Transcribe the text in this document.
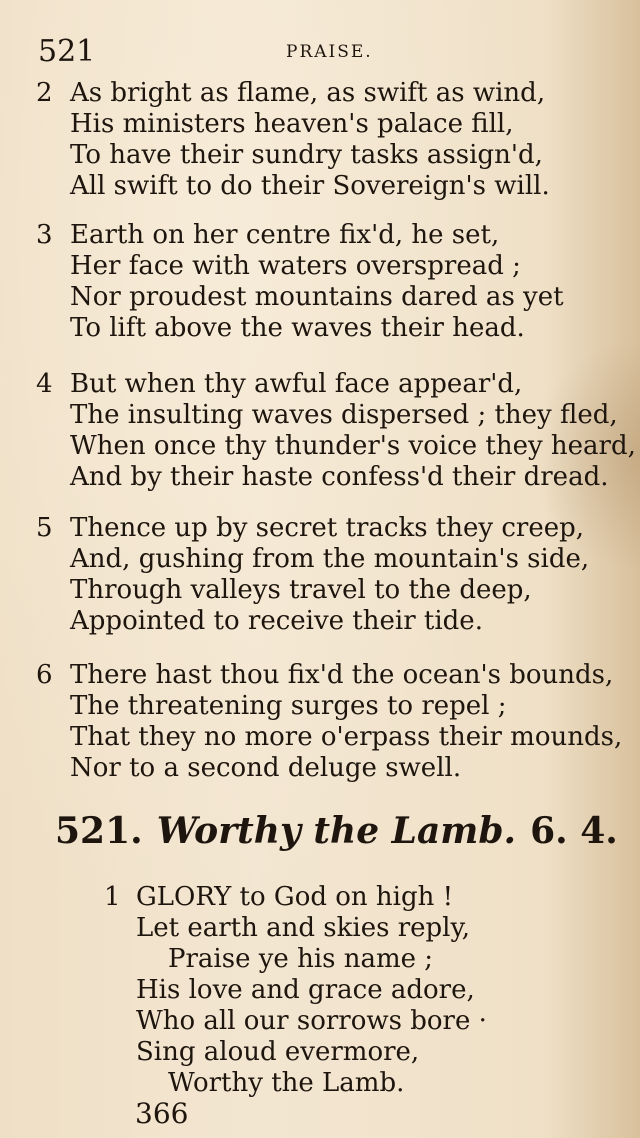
521	PRAISE.
2 As bright as flame, as swift as wind,
His ministers heaven's palace fill,
To have their sundry tasks assign'd,
All swift to do their Sovereign's will.
3 Earth on her centre fix'd, he set,
Her face with waters overspread ;
Nor proudest mountains dared as yet
To lift above the waves their head.
4 But when thy awful face appear'd,
The insulting waves dispersed ; they fled,
When once thy thunder's voice they heard,
And by their haste confess'd their dread.
5 Thence up by secret tracks they creep,
And, gushing from the mountain's side,
Through valleys travel to the deep,
Appointed to receive their tide.
6 There hast thou fix'd the ocean's bounds,
The threatening surges to repel ;
That they no more o'erpass their mounds,
Nor to a second deluge swell.
521. Worthy the Lamb. 6. 4.
1 GLORY to God on high !
Let earth and skies reply,
Praise ye his name ;
His love and grace adore,
Who all our sorrows bore ·
Sing aloud evermore,
Worthy the Lamb.
366
